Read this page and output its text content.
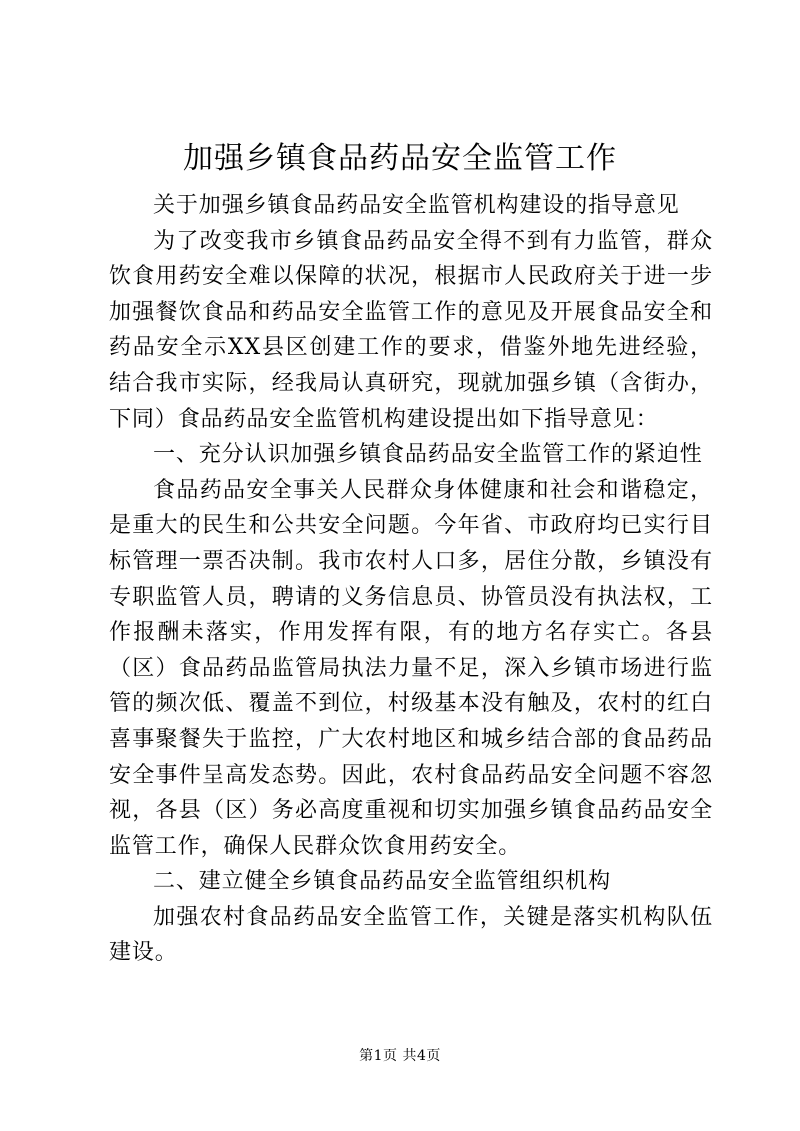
加强乡镇食品药品安全监管工作

关于加强乡镇食品药品安全监管机构建设的指导意见

为了改变我市乡镇食品药品安全得不到有力监管，群众饮食用药安全难以保障的状况，根据市人民政府关于进一步加强餐饮食品和药品安全监管工作的意见及开展食品安全和药品安全示XX县区创建工作的要求，借鉴外地先进经验，结合我市实际，经我局认真研究，现就加强乡镇（含街办，下同）食品药品安全监管机构建设提出如下指导意见：

一、充分认识加强乡镇食品药品安全监管工作的紧迫性

食品药品安全事关人民群众身体健康和社会和谐稳定，是重大的民生和公共安全问题。今年省、市政府均已实行目标管理一票否决制。我市农村人口多，居住分散，乡镇没有专职监管人员，聘请的义务信息员、协管员没有执法权，工作报酬未落实，作用发挥有限，有的地方名存实亡。各县（区）食品药品监管局执法力量不足，深入乡镇市场进行监管的频次低、覆盖不到位，村级基本没有触及，农村的红白喜事聚餐失于监控，广大农村地区和城乡结合部的食品药品安全事件呈高发态势。因此，农村食品药品安全问题不容忽视，各县（区）务必高度重视和切实加强乡镇食品药品安全监管工作，确保人民群众饮食用药安全。

二、建立健全乡镇食品药品安全监管组织机构

加强农村食品药品安全监管工作，关键是落实机构队伍建设。

第1页 共4页
